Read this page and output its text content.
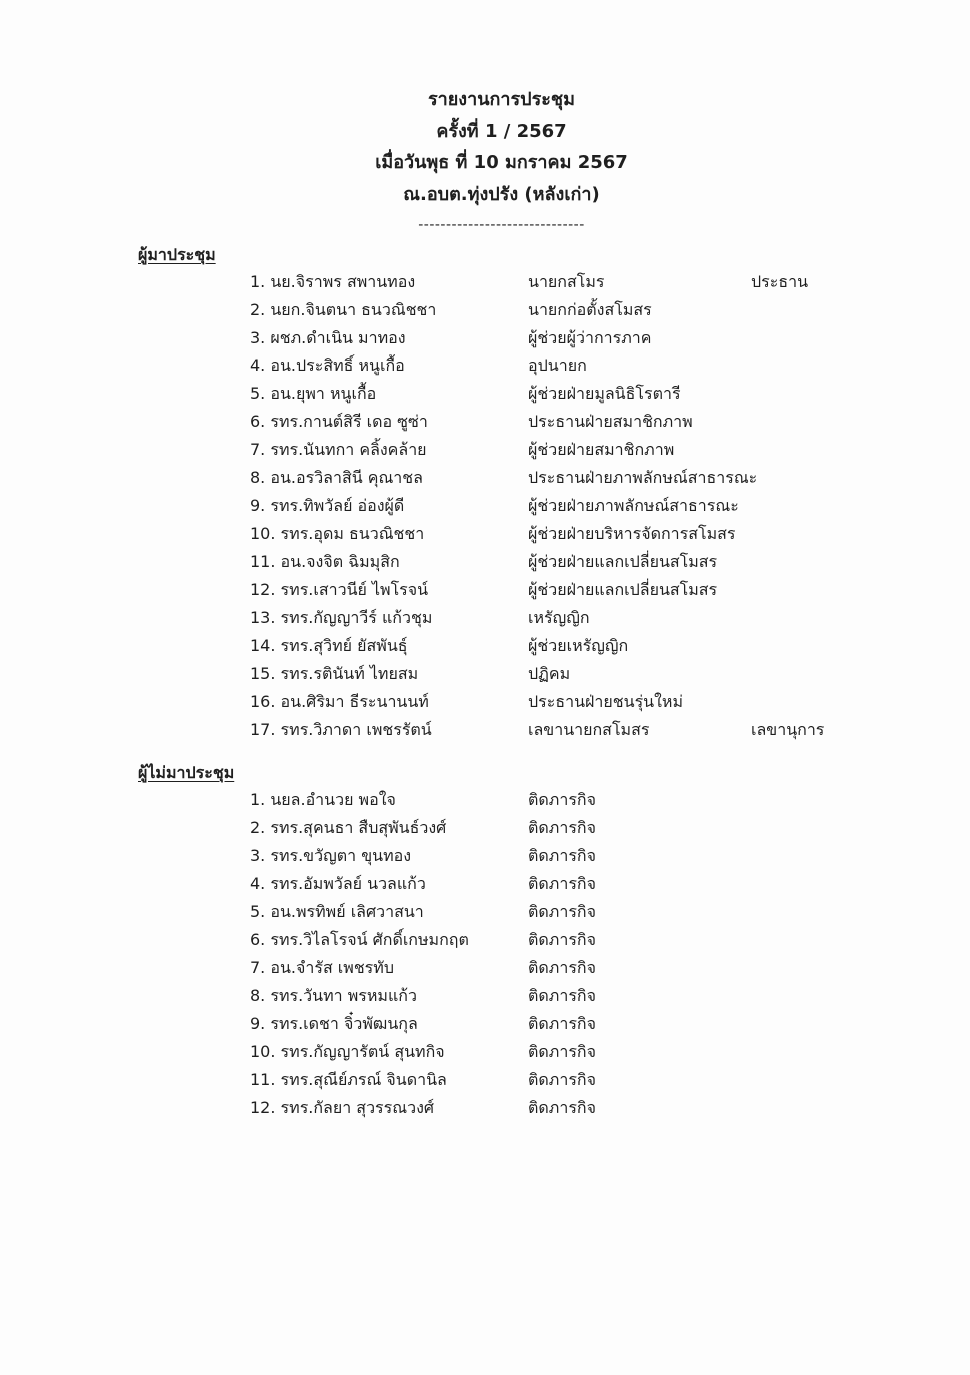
รายงานการประชุม
ครั้งที่ 1 / 2567
เมื่อวันพุธ ที่ 10 มกราคม 2567
ณ.อบต.ทุ่งปรัง (หลังเก่า)
------------------------------
ผู้มาประชุม
1. นย.จิราพร สพานทอง	นายกสโมร	ประธาน
2. นยก.จินตนา ธนวณิชชา	นายกก่อตั้งสโมสร
3. ผชภ.ดำเนิน มาทอง	ผู้ช่วยผู้ว่าการภาค
4. อน.ประสิทธิ์ หนูเกื้อ	อุปนายก
5. อน.ยุพา หนูเกื้อ	ผู้ช่วยฝ่ายมูลนิธิโรตารี
6. รทร.กานต์สิรี เดอ ซูซ่า	ประธานฝ่ายสมาชิกภาพ
7. รทร.นันทกา คลิ้งคล้าย	ผู้ช่วยฝ่ายสมาชิกภาพ
8. อน.อรวิลาสินี คุณาชล	ประธานฝ่ายภาพลักษณ์สาธารณะ
9. รทร.ทิพวัลย์ อ่องผู้ดี	ผู้ช่วยฝ่ายภาพลักษณ์สาธารณะ
10. รทร.อุดม ธนวณิชชา	ผู้ช่วยฝ่ายบริหารจัดการสโมสร
11. อน.จงจิต ฉิมมุสิก	ผู้ช่วยฝ่ายแลกเปลี่ยนสโมสร
12. รทร.เสาวนีย์ ไพโรจน์	ผู้ช่วยฝ่ายแลกเปลี่ยนสโมสร
13. รทร.กัญญาวีร์ แก้วชุม	เหรัญญิก
14. รทร.สุวิทย์ ยัสพันธุ์	ผู้ช่วยเหรัญญิก
15. รทร.รตินันท์ ไทยสม	ปฏิคม
16. อน.ศิริมา ธีระนานนท์	ประธานฝ่ายชนรุ่นใหม่
17. รทร.วิภาดา เพชรรัตน์	เลขานายกสโมสร	เลขานุการ
ผู้ไม่มาประชุม
1. นยล.อำนวย พอใจ	ติดภารกิจ
2. รทร.สุคนธา สืบสุพันธ์วงศ์	ติดภารกิจ
3. รทร.ขวัญตา ขุนทอง	ติดภารกิจ
4. รทร.อัมพวัลย์ นวลแก้ว	ติดภารกิจ
5. อน.พรทิพย์ เลิศวาสนา	ติดภารกิจ
6. รทร.วิไลโรจน์ ศักดิ์เกษมกฤต	ติดภารกิจ
7. อน.จำรัส เพชรทับ	ติดภารกิจ
8. รทร.วันทา พรหมแก้ว	ติดภารกิจ
9. รทร.เดชา จิ๋วพัฒนกุล	ติดภารกิจ
10. รทร.กัญญารัตน์ สุนทกิจ	ติดภารกิจ
11. รทร.สุณีย์ภรณ์ จินดานิล	ติดภารกิจ
12. รทร.กัลยา สุวรรณวงศ์	ติดภารกิจ
